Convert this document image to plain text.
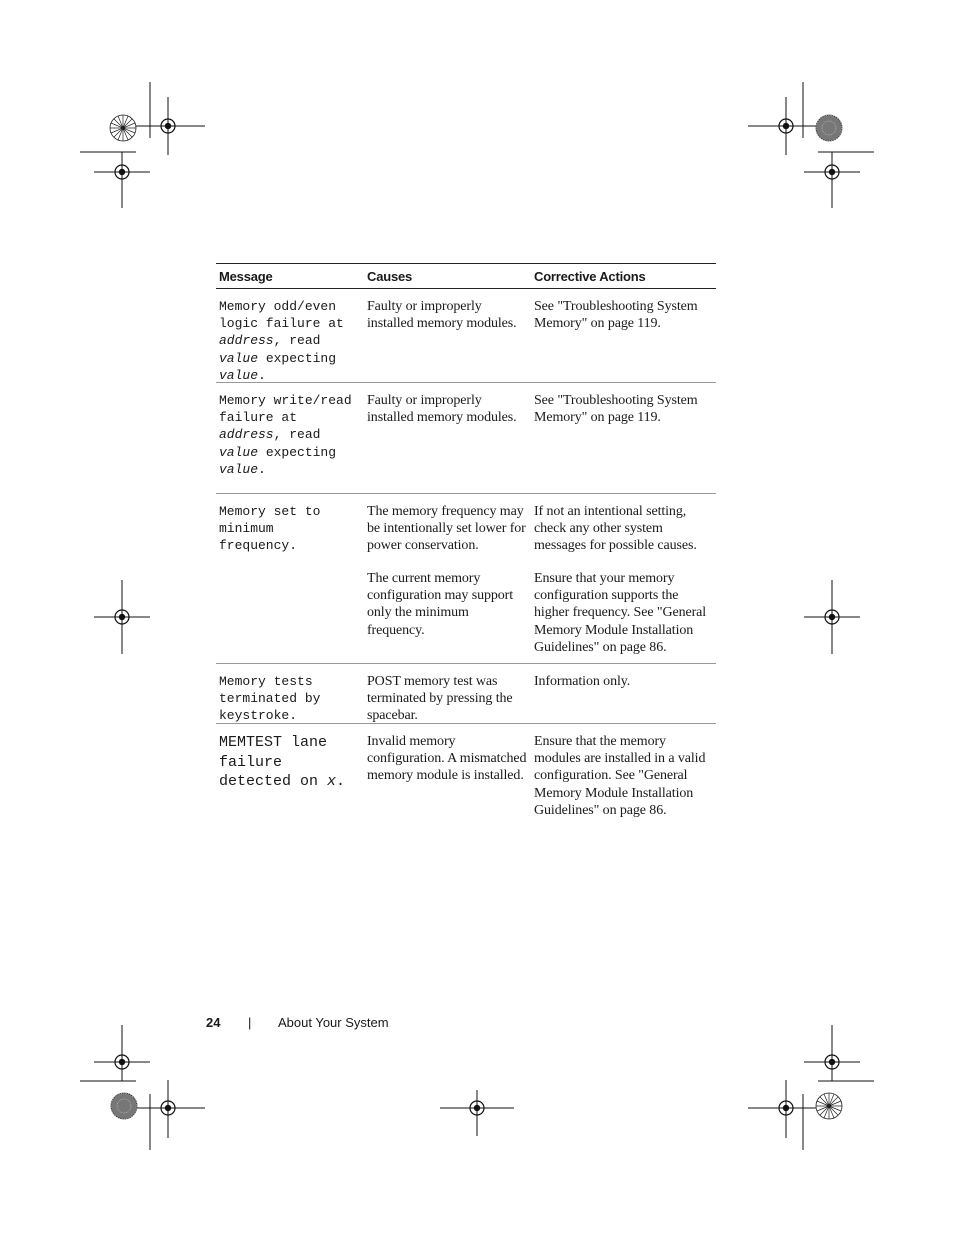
Message	Causes	Corrective Actions
Memory odd/even logic failure at address, read value expecting value.
Faulty or improperly installed memory modules.
See "Troubleshooting System Memory" on page 119.
Memory write/read failure at address, read value expecting value.
Faulty or improperly installed memory modules.
See "Troubleshooting System Memory" on page 119.
Memory set to minimum frequency.
The memory frequency may be intentionally set lower for power conservation.
If not an intentional setting, check any other system messages for possible causes.
The current memory configuration may support only the minimum frequency.
Ensure that your memory configuration supports the higher frequency. See "General Memory Module Installation Guidelines" on page 86.
Memory tests terminated by keystroke.
POST memory test was terminated by pressing the spacebar.
Information only.
MEMTEST lane failure detected on x.
Invalid memory configuration. A mismatched memory module is installed.
Ensure that the memory modules are installed in a valid configuration. See "General Memory Module Installation Guidelines" on page 86.
24 | About Your System
